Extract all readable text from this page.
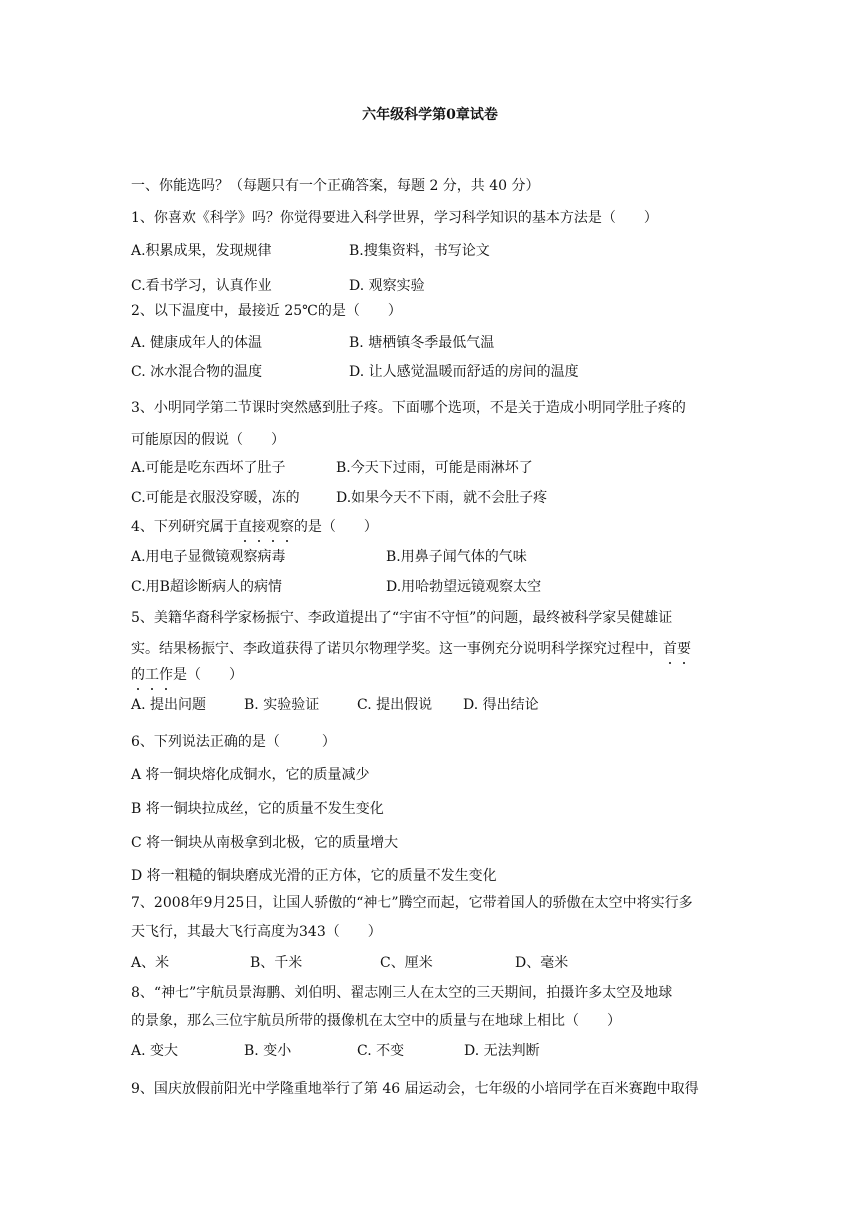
六年级科学第0章试卷
一、你能选吗？（每题只有一个正确答案，每题 2 分，共 40 分）
1、你喜欢《科学》吗？你觉得要进入科学世界，学习科学知识的基本方法是（　　）
A.积累成果，发现规律	B.搜集资料，书写论文
C.看书学习，认真作业	D. 观察实验
2、以下温度中，最接近 25℃的是（　　）
A. 健康成年人的体温	B. 塘栖镇冬季最低气温
C. 冰水混合物的温度	D. 让人感觉温暖而舒适的房间的温度
3、小明同学第二节课时突然感到肚子疼。下面哪个选项，不是关于造成小明同学肚子疼的
可能原因的假说（　　）
A.可能是吃东西坏了肚子	B.今天下过雨，可能是雨淋坏了
C.可能是衣服没穿暖，冻的	D.如果今天不下雨，就不会肚子疼
4、下列研究属于直接观察的是（　　）
A.用电子显微镜观察病毒	B.用鼻子闻气体的气味
C.用B超诊断病人的病情	D.用哈勃望远镜观察太空
5、美籍华裔科学家杨振宁、李政道提出了“宇宙不守恒”的问题，最终被科学家吴健雄证
实。结果杨振宁、李政道获得了诺贝尔物理学奖。这一事例充分说明科学探究过程中，首要
的工作是（　　）
A. 提出问题	B. 实验验证	C. 提出假说 D. 得出结论
6、下列说法正确的是（　　　）
A 将一铜块熔化成铜水，它的质量减少
B 将一铜块拉成丝，它的质量不发生变化
C 将一铜块从南极拿到北极，它的质量增大
D 将一粗糙的铜块磨成光滑的正方体，它的质量不发生变化
7、2008年9月25日，让国人骄傲的“神七”腾空而起，它带着国人的骄傲在太空中将实行多
天飞行，其最大飞行高度为343（　　）
A、米	B、千米	C、厘米	D、毫米
8、“神七”宇航员景海鹏、刘伯明、翟志刚三人在太空的三天期间，拍摄许多太空及地球
的景象，那么三位宇航员所带的摄像机在太空中的质量与在地球上相比（　　）
A. 变大	B. 变小	C. 不变	D. 无法判断
9、国庆放假前阳光中学隆重地举行了第 46 届运动会，七年级的小培同学在百米赛跑中取得
